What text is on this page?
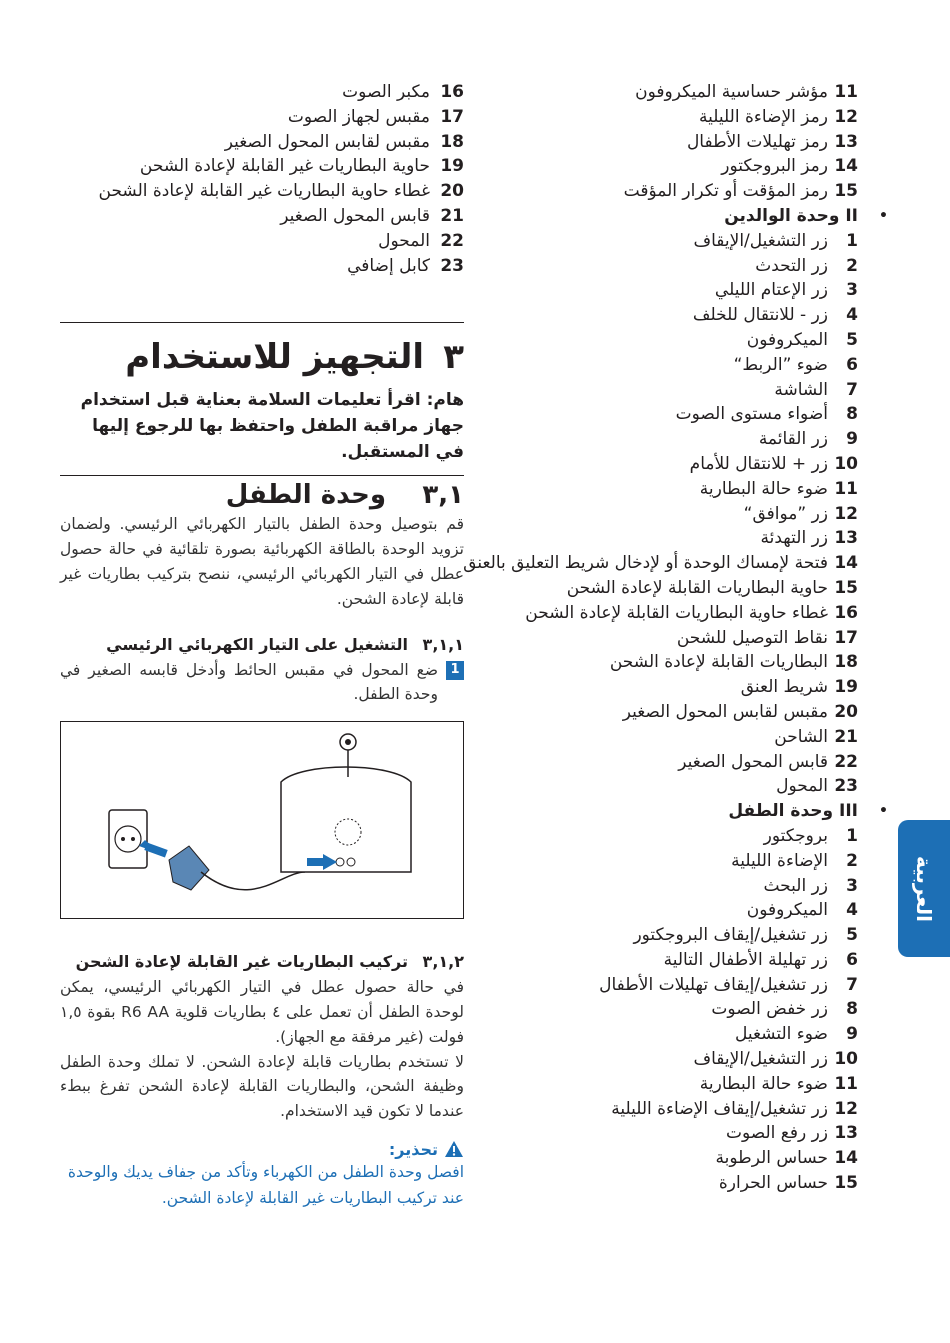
11
مؤشر حساسية الميكروفون
12
رمز الإضاءة الليلية
13
رمز تهليلات الأطفال
14
رمز البروجكتور
15
رمز المؤقت أو تكرار المؤقت
•
II وحدة الوالدين
1
زر التشغيل/الإيقاف
2
زر التحدث
3
زر الإعتام الليلي
4
زر - للانتقال للخلف
5
الميكروفون
6
ضوء ”الربط“
7
الشاشة
8
أضواء مستوى الصوت
9
زر القائمة
10
زر + للانتقال للأمام
11
ضوء حالة البطارية
12
زر ”موافق“
13
زر التهدئة
14
فتحة لإمساك الوحدة أو لإدخال شريط التعليق بالعنق
15
حاوية البطاريات القابلة لإعادة الشحن
16
غطاء حاوية البطاريات القابلة لإعادة الشحن
17
نقاط التوصيل للشحن
18
البطاريات القابلة لإعادة الشحن
19
شريط العنق
20
مقبس لقابس المحول الصغير
21
الشاحن
22
قابس المحول الصغير
23
المحول
•
III وحدة الطفل
1
بروجكتور
2
الإضاءة الليلية
3
زر البحث
4
الميكروفون
5
زر تشغيل/إيقاف البروجكتور
6
زر تهليلة الأطفال التالية
7
زر تشغيل/إيقاف تهليلات الأطفال
8
زر خفض الصوت
9
ضوء التشغيل
10
زر التشغيل/الإيقاف
11
ضوء حالة البطارية
12
زر تشغيل/إيقاف الإضاءة الليلية
13
زر رفع الصوت
14
حساس الرطوبة
15
حساس الحرارة
16
مكبر الصوت
17
مقبس لجهاز الصوت
18
مقبس لقابس المحول الصغير
19
حاوية البطاريات غير القابلة لإعادة الشحن
20
غطاء حاوية البطاريات غير القابلة لإعادة الشحن
21
قابس المحول الصغير
22
المحول
23
كابل إضافي
٣
التجهيز للاستخدام
هام: اقرأ تعليمات السلامة بعناية قبل استخدام جهاز مراقبة الطفل واحتفظ بها للرجوع إليها في المستقبل.
٣,١
وحدة الطفل
قم بتوصيل وحدة الطفل بالتيار الكهربائي الرئيسي. ولضمان تزويد الوحدة بالطاقة الكهربائية بصورة تلقائية في حالة حصول عطل في التيار الكهربائي الرئيسي، ننصح بتركيب بطاريات غير قابلة لإعادة الشحن.
٣,١,١
التشغيل على التيار الكهربائي الرئيسي
1
ضع المحول في مقبس الحائط وأدخل قابسه الصغير في وحدة الطفل.
٣,١,٢
تركيب البطاريات غير القابلة لإعادة الشحن
في حالة حصول عطل في التيار الكهربائي الرئيسي، يمكن لوحدة الطفل أن تعمل على ٤ بطاريات قلوية R6 AA بقوة ١,٥ فولت (غير مرفقة مع الجهاز).
لا تستخدم بطاريات قابلة لإعادة الشحن. لا تملك وحدة الطفل وظيفة الشحن، والبطاريات القابلة لإعادة الشحن تفرغ ببطء عندما لا تكون قيد الاستخدام.
تحذير:
افصل وحدة الطفل من الكهرباء وتأكد من جفاف يديك والوحدة عند تركيب البطاريات غير القابلة لإعادة الشحن.
العربية
